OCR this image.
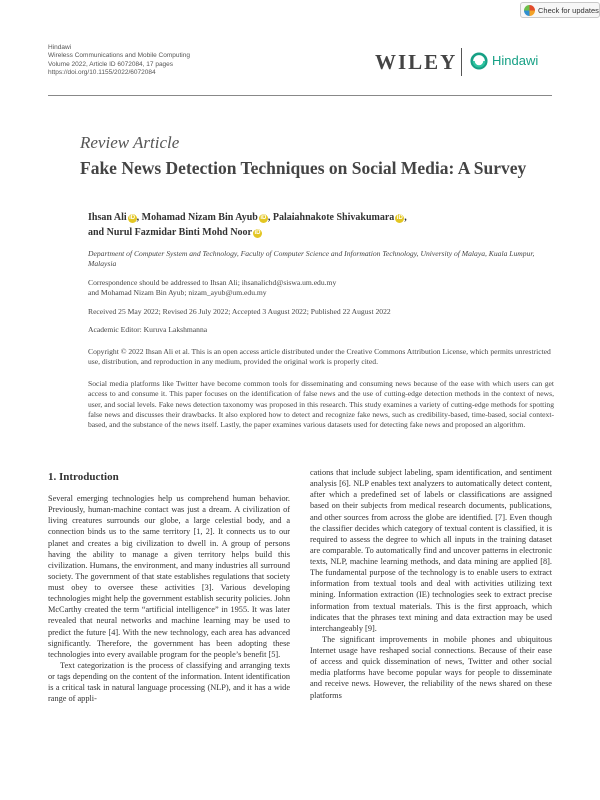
Check for updates
Hindawi
Wireless Communications and Mobile Computing
Volume 2022, Article ID 6072084, 17 pages
https://doi.org/10.1155/2022/6072084	WILEY	Hindawi
Review Article
Fake News Detection Techniques on Social Media: A Survey
Ihsan Ali iD , Mohamad Nizam Bin Ayub iD , Palaiahnakote Shivakumara iD ,
and Nurul Fazmidar Binti Mohd Noor iD
Department of Computer System and Technology, Faculty of Computer Science and Information Technology, University of Malaya, Kuala Lumpur, Malaysia
Correspondence should be addressed to Ihsan Ali; ihsanalichd@siswa.um.edu.my
and Mohamad Nizam Bin Ayub; nizam_ayub@um.edu.my
Received 25 May 2022; Revised 26 July 2022; Accepted 3 August 2022; Published 22 August 2022
Academic Editor: Kuruva Lakshmanna
Copyright © 2022 Ihsan Ali et al. This is an open access article distributed under the Creative Commons Attribution License, which permits unrestricted use, distribution, and reproduction in any medium, provided the original work is properly cited.
Social media platforms like Twitter have become common tools for disseminating and consuming news because of the ease with which users can get access to and consume it. This paper focuses on the identification of false news and the use of cutting-edge detection methods in the context of news, user, and social levels. Fake news detection taxonomy was proposed in this research. This study examines a variety of cutting-edge methods for spotting false news and discusses their drawbacks. It also explored how to detect and recognize fake news, such as credibility-based, time-based, social context-based, and the substance of the news itself. Lastly, the paper examines various datasets used for detecting fake news and proposed an algorithm.
1. Introduction

Several emerging technologies help us comprehend human behavior. Previously, human-machine contact was just a dream. A civilization of living creatures surrounds our globe, a large celestial body, and a connection binds us to the same territory [1, 2]. It connects us to our planet and creates a big civilization to dwell in. A group of persons having the ability to manage a given territory helps build this civilization. Humans, the environment, and many industries all surround society. The government of that state establishes regulations that society must obey to oversee these activities [3]. Various developing technologies might help the government establish security policies. John McCarthy created the term “artificial intelligence” in 1955. It was later revealed that neural networks and machine learning may be used to predict the future [4]. With the new technology, each area has advanced significantly. Therefore, the government has been adopting these technologies into every available program for the people’s benefit [5].

Text categorization is the process of classifying and arranging texts or tags depending on the content of the information. Intent identification is a critical task in natural language processing (NLP), and it has a wide range of appli-

cations that include subject labeling, spam identification, and sentiment analysis [6]. NLP enables text analyzers to automatically detect content, after which a predefined set of labels or classifications are assigned based on their subjects from medical research documents, publications, and other sources from across the globe are identified. [7]. Even though the classifier decides which category of textual content is classified, it is required to assess the degree to which all inputs in the training dataset are comparable. To automatically find and uncover patterns in electronic texts, NLP, machine learning methods, and data mining are applied [8]. The fundamental purpose of the technology is to enable users to extract information from textual tools and deal with activities utilizing text mining. Information extraction (IE) technologies seek to extract precise information from textual materials. This is the first approach, which indicates that the phrases text mining and data extraction may be used interchangeably [9].

The significant improvements in mobile phones and ubiquitous Internet usage have reshaped social connections. Because of their ease of access and quick dissemination of news, Twitter and other social media platforms have become popular ways for people to disseminate and receive news. However, the reliability of the news shared on these platforms
